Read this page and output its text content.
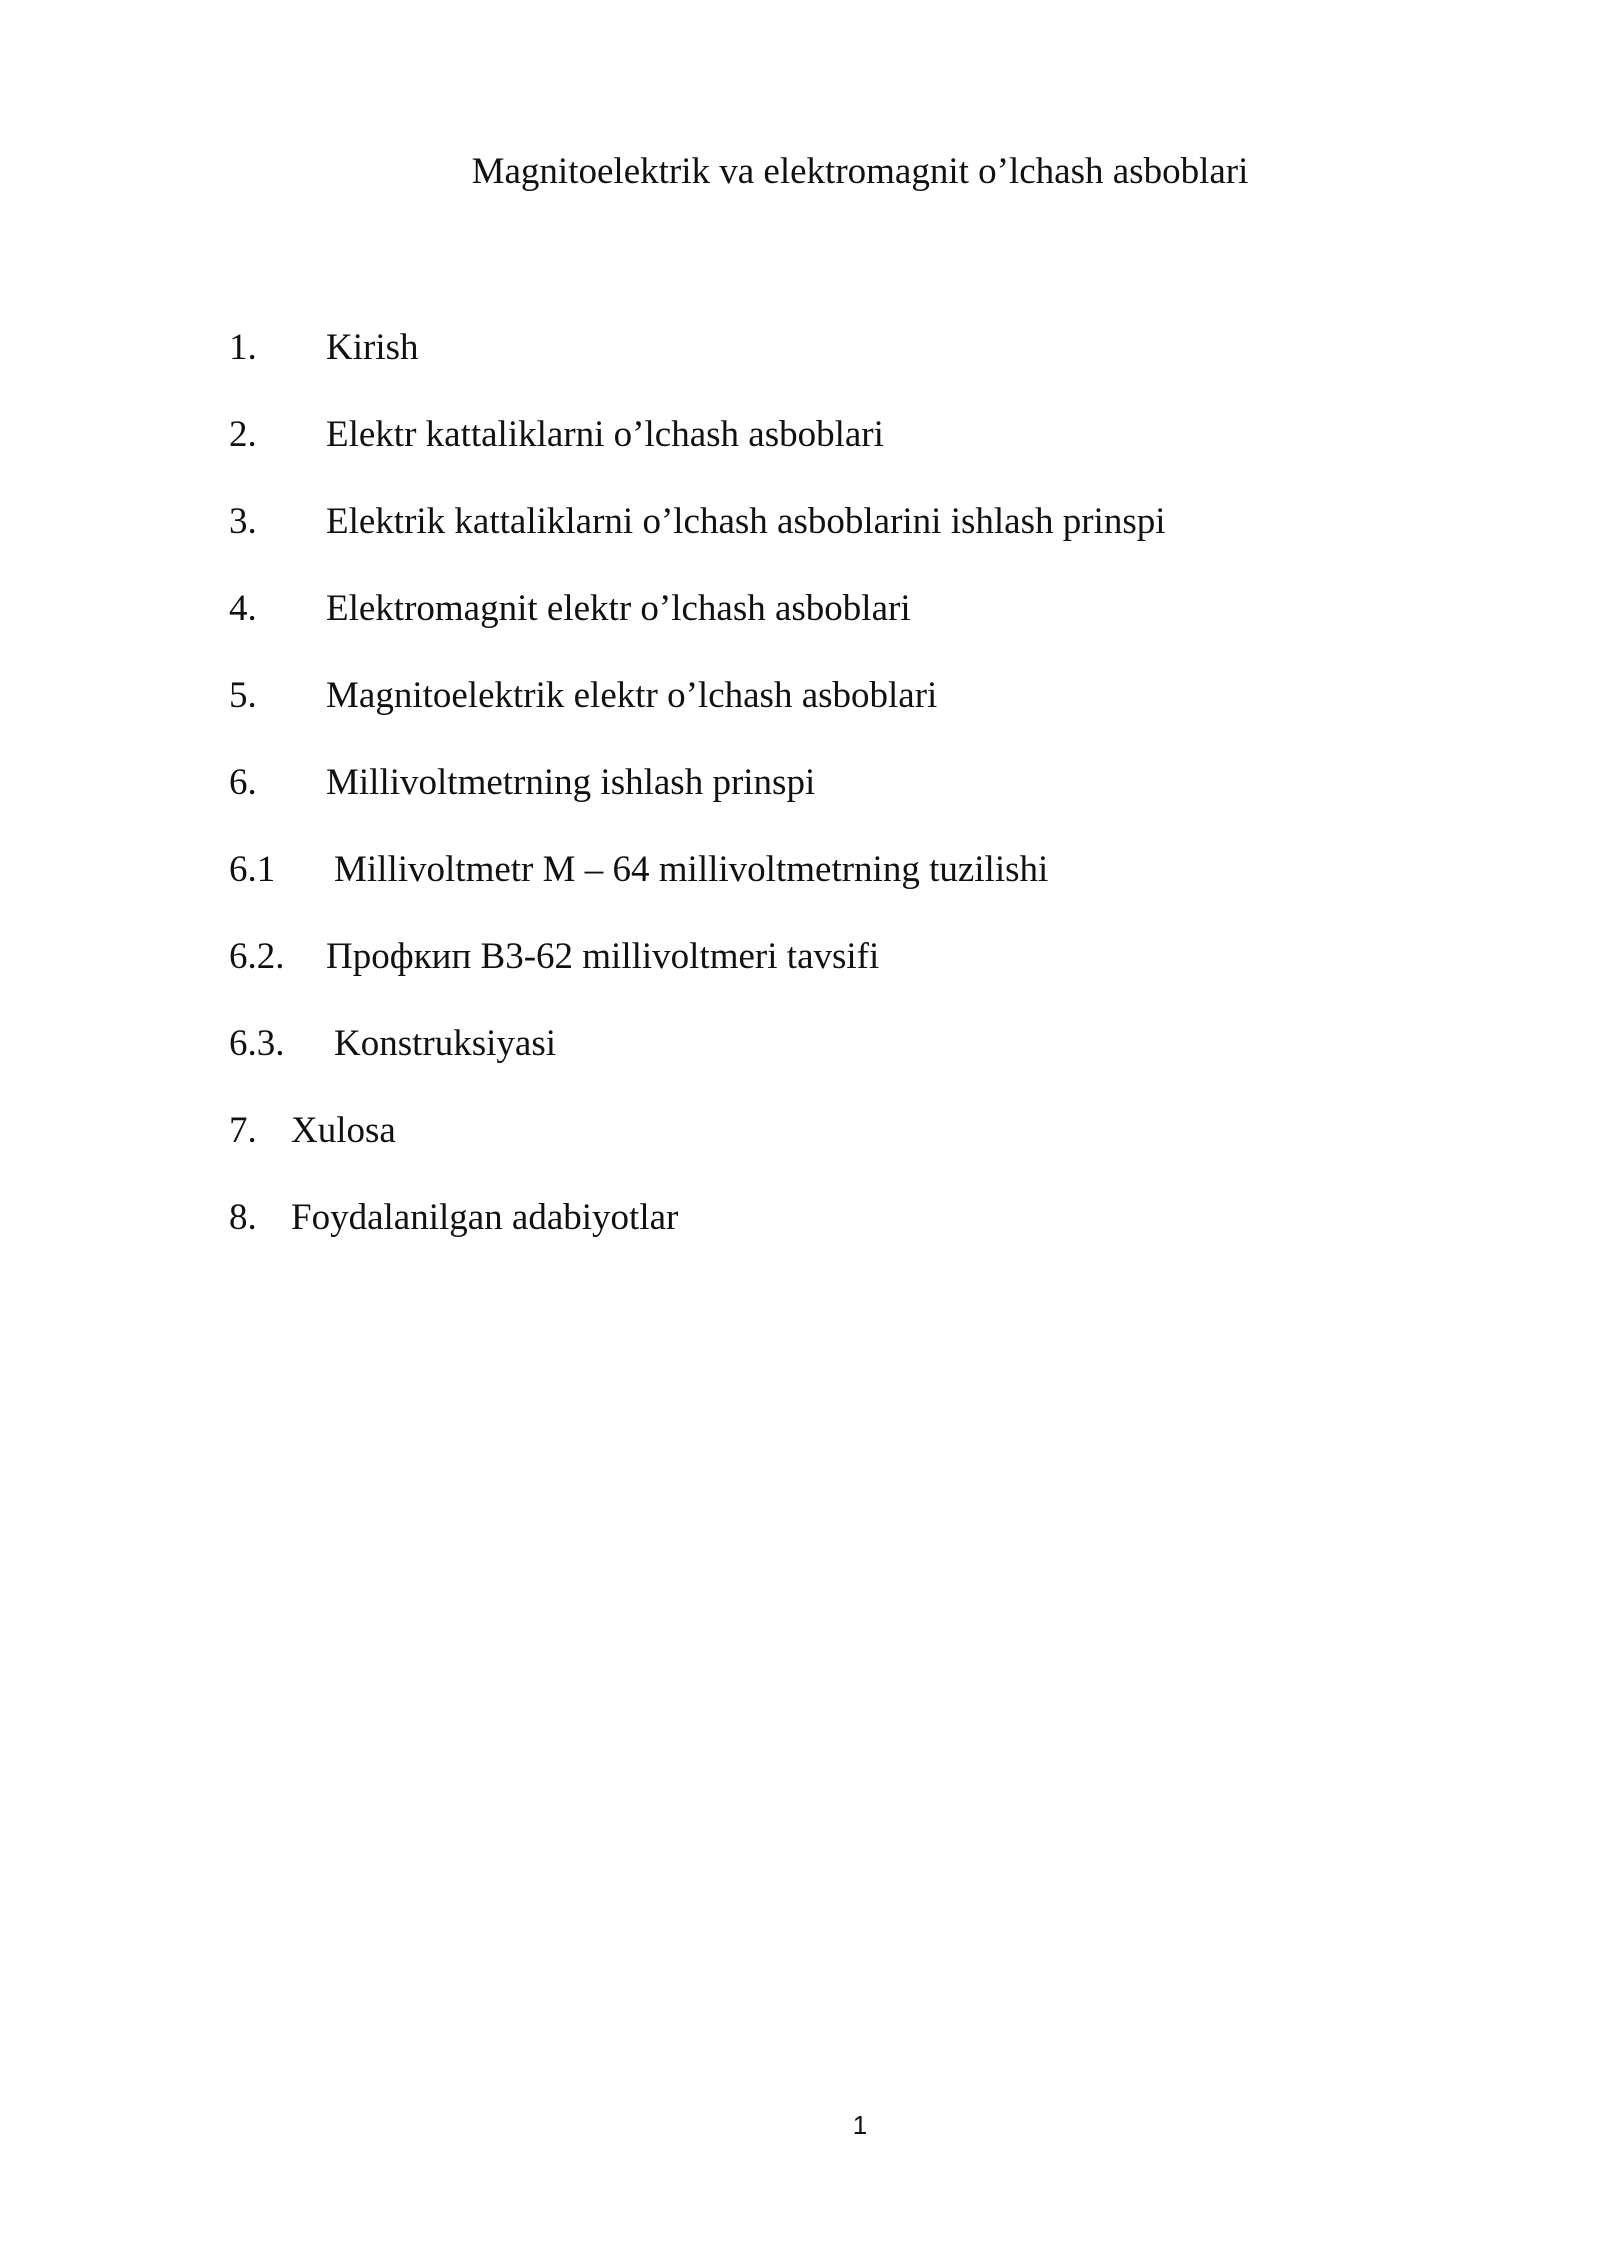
Magnitoelektrik va elektromagnit o’lchash asboblari
1. Kirish
2. Elektr kattaliklarni o’lchash asboblari
3. Elektrik kattaliklarni o’lchash asboblarini ishlash prinspi
4. Elektromagnit elektr o’lchash asboblari
5. Magnitoelektrik elektr o’lchash asboblari
6. Millivoltmetrning ishlash prinspi
6.1 Millivoltmetr M – 64 millivoltmetrning tuzilishi
6.2. Профкип В3-62 millivoltmeri tavsifi
6.3. Konstruksiyasi
7. Xulosa
8. Foydalanilgan adabiyotlar
1
